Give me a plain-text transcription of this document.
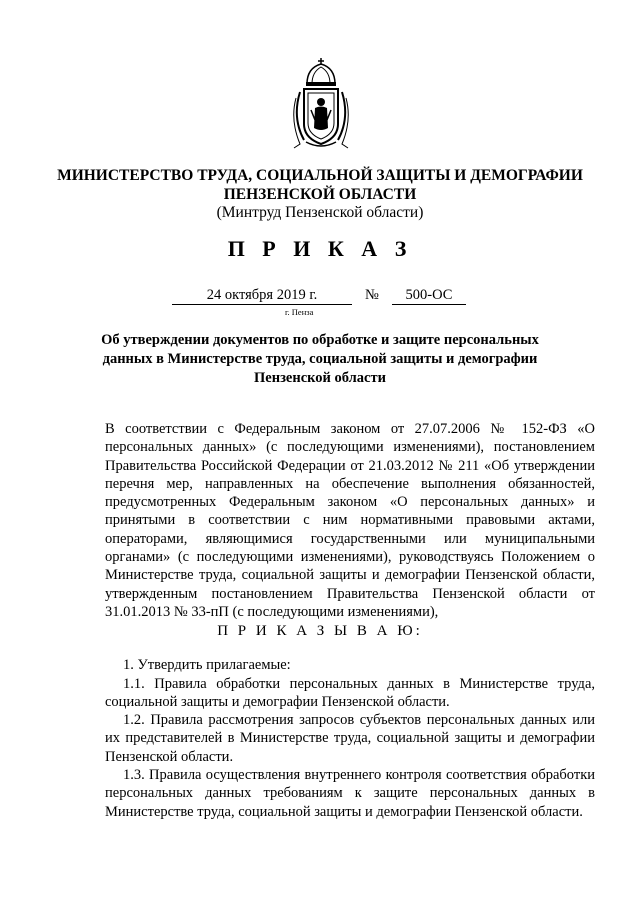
МИНИСТЕРСТВО ТРУДА, СОЦИАЛЬНОЙ ЗАЩИТЫ И ДЕМОГРАФИИ
ПЕНЗЕНСКОЙ ОБЛАСТИ
(Минтруд Пензенской области)
П Р И К А З
24 октября 2019 г.	№	500-ОС
г. Пенза
Об утверждении документов по обработке и защите персональных
данных в Министерстве труда, социальной защиты и демографии
Пензенской области
В соответствии с Федеральным законом от 27.07.2006 № 152-ФЗ «О персональных данных» (с последующими изменениями), постановлением Правительства Российской Федерации от 21.03.2012 № 211 «Об утверждении перечня мер, направленных на обеспечение выполнения обязанностей, предусмотренных Федеральным законом «О персональных данных» и принятыми в соответствии с ним нормативными правовыми актами, операторами, являющимися государственными или муниципальными органами» (с последующими изменениями), руководствуясь Положением о Министерстве труда, социальной защиты и демографии Пензенской области, утвержденным постановлением Правительства Пензенской области от 31.01.2013 № 33-пП (с последующими изменениями),
П Р И К А З Ы В А Ю:
1. Утвердить прилагаемые:
1.1. Правила обработки персональных данных в Министерстве труда, социальной защиты и демографии Пензенской области.
1.2. Правила рассмотрения запросов субъектов персональных данных или их представителей в Министерстве труда, социальной защиты и демографии Пензенской области.
1.3. Правила осуществления внутреннего контроля соответствия обработки персональных данных требованиям к защите персональных данных в Министерстве труда, социальной защиты и демографии Пензенской области.
